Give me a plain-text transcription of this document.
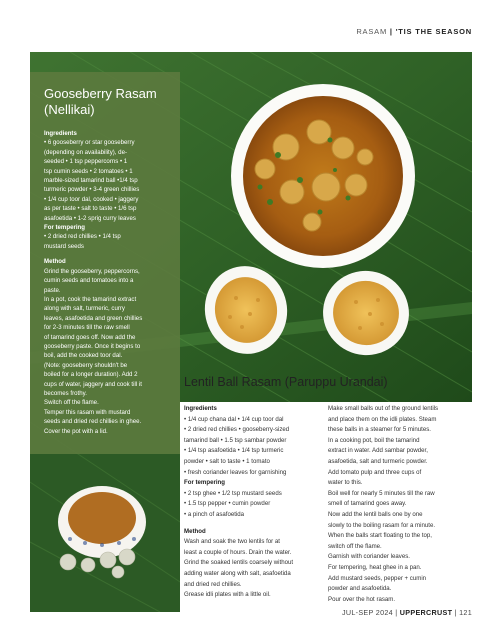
RASAM | 'TIS THE SEASON
Gooseberry Rasam
(Nellikai)

Ingredients

• 6 gooseberry or star gooseberry

(depending on availability), de-

seeded • 1 tsp peppercorns • 1

tsp cumin seeds • 2 tomatoes • 1

marble-sized tamarind ball •1/4 tsp

turmeric powder • 3-4 green chillies

• 1/4 cup toor dal, cooked • jaggery

as per taste • salt to taste • 1/6 tsp

asafoetida • 1-2 sprig curry leaves

For tempering

• 2 dried red chillies • 1/4 tsp

mustard seeds

Method

Grind the gooseberry, peppercorns,

cumin seeds and tomatoes into a

paste.

In a pot, cook the tamarind extract

along with salt, turmeric, curry

leaves, asafoetida and green chillies

for 2-3 minutes till the raw smell

of tamarind goes off. Now add the

gooseberry paste. Once it begins to

boil, add the cooked toor dal.

(Note: gooseberry shouldn't be

boiled for a longer duration). Add 2

cups of water, jaggery and cook till it

becomes frothy.

Switch off the flame.

Temper this rasam with mustard

seeds and dried red chillies in ghee.

Cover the pot with a lid.

Lentil Ball Rasam (Paruppu Urandai)

Ingredients

• 1/4 cup chana dal • 1/4 cup toor dal

• 2 dried red chillies • gooseberry-sized

tamarind ball • 1.5 tsp sambar powder

• 1/4 tsp asafoetida • 1/4 tsp turmeric

powder • salt to taste • 1 tomato

• fresh coriander leaves for garnishing

For tempering

• 2 tsp ghee • 1/2 tsp mustard seeds

• 1.5 tsp pepper • cumin powder

• a pinch of asafoetida

Method

Wash and soak the two lentils for at

least a couple of hours. Drain the water.

Grind the soaked lentils coarsely without

adding water along with salt, asafoetida

and dried red chillies.

Grease idli plates with a little oil.

Make small balls out of the ground lentils

and place them on the idli plates. Steam

these balls in a steamer for 5 minutes.

In a cooking pot, boil the tamarind

extract in water. Add sambar powder,

asafoetida, salt and turmeric powder.

Add tomato pulp and three cups of

water to this.

Boil well for nearly 5 minutes till the raw

smell of tamarind goes away.

Now add the lentil balls one by one

slowly to the boiling rasam for a minute.

When the balls start floating to the top,

switch off the flame.

Garnish with coriander leaves.

For tempering, heat ghee in a pan.

Add mustard seeds, pepper + cumin

powder and asafoetida.

Pour over the hot rasam.

JUL-SEP 2024 | UPPERCRUST | 121
